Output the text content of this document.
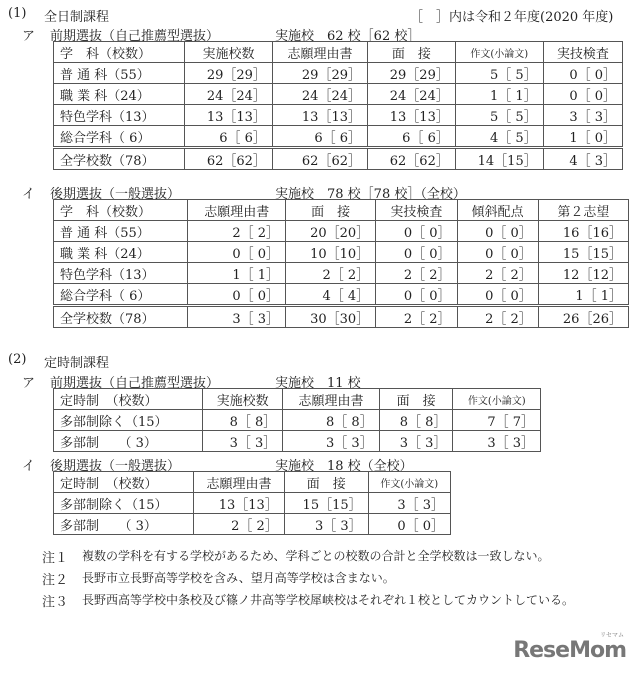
(1) 全日制課程	［　］内は令和２年度(2020 年度)
ア 前期選抜（自己推薦型選抜）	実施校　62 校［62 校］
学　科（校数）	実施校数	志願理由書	面　接	作文(小論文)	実技検査
普 通 科（55）	29［29］	29［29］	29［29］	5［ 5］	0［ 0］
職 業 科（24）	24［24］	24［24］	24［24］	1［ 1］	0［ 0］
特色学科（13）	13［13］	13［13］	13［13］	5［ 5］	3［ 3］
総合学科（ 6）	6［ 6］	6［ 6］	6［ 6］	4［ 5］	1［ 0］
全学校数（78）	62［62］	62［62］	62［62］	14［15］	4［ 3］
イ 後期選抜（一般選抜）	実施校　78 校［78 校］（全校）
学　科（校数）	志願理由書	面　接	実技検査	傾斜配点	第２志望
普 通 科（55）	2［ 2］	20［20］	0［ 0］	0［ 0］	16［16］
職 業 科（24）	0［ 0］	10［10］	0［ 0］	0［ 0］	15［15］
特色学科（13）	1［ 1］	2［ 2］	2［ 2］	2［ 2］	12［12］
総合学科（ 6）	0［ 0］	4［ 4］	0［ 0］	0［ 0］	1［ 1］
全学校数（78）	3［ 3］	30［30］	2［ 2］	2［ 2］	26［26］
(2) 定時制課程
ア 前期選抜（自己推薦型選抜）	実施校　11 校
定時制　（校数）	実施校数	志願理由書	面　接	作文(小論文)
多部制除く（15）	8［ 8］	8［ 8］	8［ 8］	7［ 7］
多部制　　（ 3）	3［ 3］	3［ 3］	3［ 3］	3［ 3］
イ 後期選抜（一般選抜）	実施校　18 校（全校）
定時制　（校数）	志願理由書	面　接	作文(小論文)
多部制除く（15）	13［13］	15［15］	3［ 3］
多部制　　（ 3）	2［ 2］	3［ 3］	0［ 0］
注１ 複数の学科を有する学校があるため、学科ごとの校数の合計と全学校数は一致しない。
注２ 長野市立長野高等学校を含み、望月高等学校は含まない。
注３ 長野西高等学校中条校及び篠ノ井高等学校犀峡校はそれぞれ１校としてカウントしている。
リセマム
ReseMom
